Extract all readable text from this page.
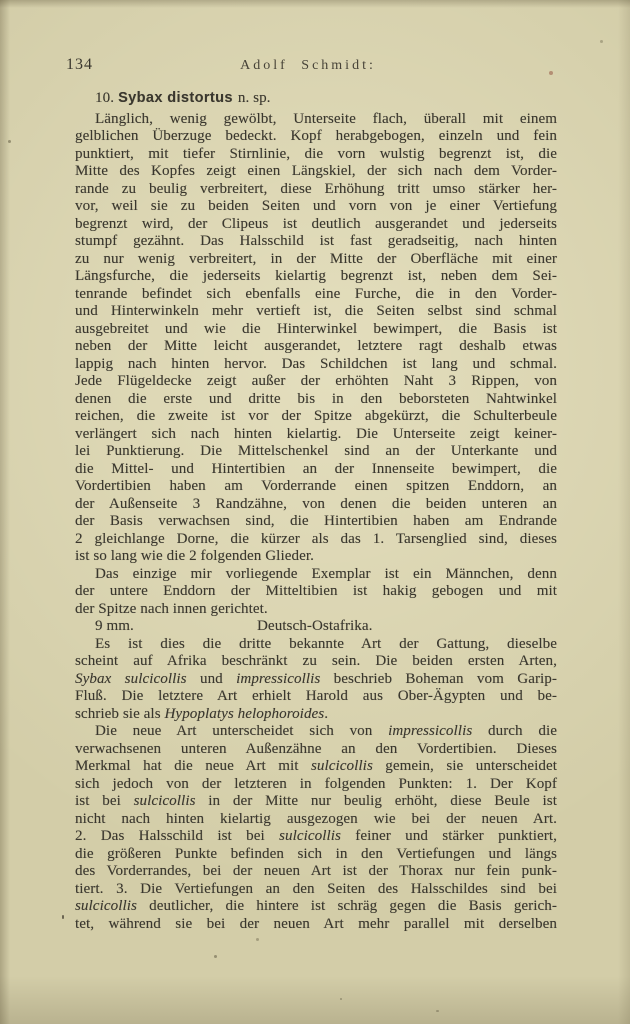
134	Adolf Schmidt:
10. Sybax distortus n. sp.
Länglich, wenig gewölbt, Unterseite flach, überall mit einem
gelblichen Überzuge bedeckt. Kopf herabgebogen, einzeln und fein
punktiert, mit tiefer Stirnlinie, die vorn wulstig begrenzt ist, die
Mitte des Kopfes zeigt einen Längskiel, der sich nach dem Vorder-
rande zu beulig verbreitert, diese Erhöhung tritt umso stärker her-
vor, weil sie zu beiden Seiten und vorn von je einer Vertiefung
begrenzt wird, der Clipeus ist deutlich ausgerandet und jederseits
stumpf gezähnt. Das Halsschild ist fast geradseitig, nach hinten
zu nur wenig verbreitert, in der Mitte der Oberfläche mit einer
Längsfurche, die jederseits kielartig begrenzt ist, neben dem Sei-
tenrande befindet sich ebenfalls eine Furche, die in den Vorder-
und Hinterwinkeln mehr vertieft ist, die Seiten selbst sind schmal
ausgebreitet und wie die Hinterwinkel bewimpert, die Basis ist
neben der Mitte leicht ausgerandet, letztere ragt deshalb etwas
lappig nach hinten hervor. Das Schildchen ist lang und schmal.
Jede Flügeldecke zeigt außer der erhöhten Naht 3 Rippen, von
denen die erste und dritte bis in den beborsteten Nahtwinkel
reichen, die zweite ist vor der Spitze abgekürzt, die Schulterbeule
verlängert sich nach hinten kielartig. Die Unterseite zeigt keiner-
lei Punktierung. Die Mittelschenkel sind an der Unterkante und
die Mittel- und Hintertibien an der Innenseite bewimpert, die
Vordertibien haben am Vorderrande einen spitzen Enddorn, an
der Außenseite 3 Randzähne, von denen die beiden unteren an
der Basis verwachsen sind, die Hintertibien haben am Endrande
2 gleichlange Dorne, die kürzer als das 1. Tarsenglied sind, dieses
ist so lang wie die 2 folgenden Glieder.
Das einzige mir vorliegende Exemplar ist ein Männchen, denn
der untere Enddorn der Mitteltibien ist hakig gebogen und mit
der Spitze nach innen gerichtet.
9 mm.	Deutsch-Ostafrika.
Es ist dies die dritte bekannte Art der Gattung, dieselbe
scheint auf Afrika beschränkt zu sein. Die beiden ersten Arten,
Sybax sulcicollis und impressicollis beschrieb Boheman vom Garip-
Fluß. Die letztere Art erhielt Harold aus Ober-Ägypten und be-
schrieb sie als Hypoplatys helophoroides.
Die neue Art unterscheidet sich von impressicollis durch die
verwachsenen unteren Außenzähne an den Vordertibien. Dieses
Merkmal hat die neue Art mit sulcicollis gemein, sie unterscheidet
sich jedoch von der letzteren in folgenden Punkten: 1. Der Kopf
ist bei sulcicollis in der Mitte nur beulig erhöht, diese Beule ist
nicht nach hinten kielartig ausgezogen wie bei der neuen Art.
2. Das Halsschild ist bei sulcicollis feiner und stärker punktiert,
die größeren Punkte befinden sich in den Vertiefungen und längs
des Vorderrandes, bei der neuen Art ist der Thorax nur fein punk-
tiert. 3. Die Vertiefungen an den Seiten des Halsschildes sind bei
sulcicollis deutlicher, die hintere ist schräg gegen die Basis gerich-
tet, während sie bei der neuen Art mehr parallel mit derselben
